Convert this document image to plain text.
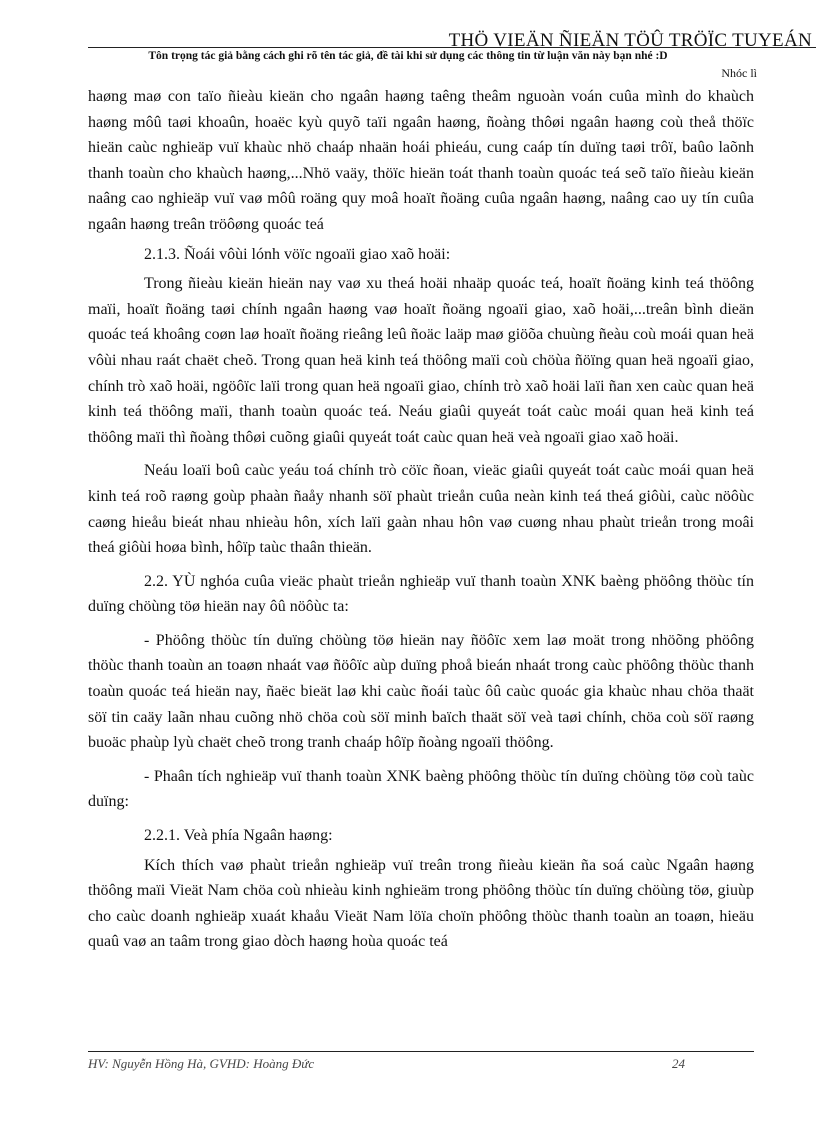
THÖ VIEÄN ÑIEÄN TÖÛ TRÖÏC TUYEÁN
Tôn trọng tác giả bằng cách ghi rõ tên tác giả, đề tài khi sử dụng các thông tin từ luận văn này bạn nhé :D
Nhóc lì

haøng maø con taïo ñieàu kieän cho ngaân haøng taêng theâm nguoàn voán cuûa mình do khaùch haøng môû taøi khoaûn, hoaëc kyù quyõ taïi ngaân haøng, ñoàng thôøi ngaân haøng coù theå thöïc hieän caùc nghieäp vuï khaùc nhö chaáp nhaän hoái phieáu, cung caáp tín duïng taøi trôï, baûo laõnh thanh toaùn cho khaùch haøng,...Nhö vaäy, thöïc hieän toát thanh toaùn quoác teá seõ taïo ñieàu kieän naâng cao nghieäp vuï vaø môû roäng quy moâ hoaït ñoäng cuûa ngaân haøng, naâng cao uy tín cuûa ngaân haøng treân tröôøng quoác teá

2.1.3. Ñoái vôùi lónh vöïc ngoaïi giao xaõ hoäi:

Trong ñieàu kieän hieän nay vaø xu theá hoäi nhaäp quoác teá, hoaït ñoäng kinh teá thöông maïi, hoaït ñoäng taøi chính ngaân haøng vaø hoaït ñoäng ngoaïi giao, xaõ hoäi,...treân bình dieän quoác teá khoâng coøn laø hoaït ñoäng rieâng leû ñoäc laäp maø giöõa chuùng ñeàu coù moái quan heä vôùi nhau raát chaët cheõ. Trong quan heä kinh teá thöông maïi coù chöùa ñöïng quan heä ngoaïi giao, chính trò xaõ hoäi, ngöôïc laïi trong quan heä ngoaïi giao, chính trò xaõ hoäi laïi ñan xen caùc quan heä kinh teá thöông maïi, thanh toaùn quoác teá. Neáu giaûi quyeát toát caùc moái quan heä kinh teá thöông maïi thì ñoàng thôøi cuõng giaûi quyeát toát caùc quan heä veà ngoaïi giao xaõ hoäi.

Neáu loaïi boû caùc yeáu toá chính trò cöïc ñoan, vieäc giaûi quyeát toát caùc moái quan heä kinh teá roõ raøng goùp phaàn ñaåy nhanh söï phaùt trieån cuûa neàn kinh teá theá giôùi, caùc nöôùc caøng hieåu bieát nhau nhieàu hôn, xích laïi gaàn nhau hôn vaø cuøng nhau phaùt trieån trong moâi theá giôùi hoøa bình, hôïp taùc thaân thieän.

2.2. YÙ nghóa cuûa vieäc phaùt trieån nghieäp vuï thanh toaùn XNK baèng phöông thöùc tín duïng chöùng töø hieän nay ôû nöôùc ta:

- Phöông thöùc tín duïng chöùng töø hieän nay ñöôïc xem laø moät trong nhöõng phöông thöùc thanh toaùn an toaøn nhaát vaø ñöôïc aùp duïng phoå bieán nhaát trong caùc phöông thöùc thanh toaùn quoác teá hieän nay, ñaëc bieät laø khi caùc ñoái taùc ôû caùc quoác gia khaùc nhau chöa thaät söï tin caäy laãn nhau cuõng nhö chöa coù söï minh baïch thaät söï veà taøi chính, chöa coù söï raøng buoäc phaùp lyù chaët cheõ trong tranh chaáp hôïp ñoàng ngoaïi thöông.

- Phaân tích nghieäp vuï thanh toaùn XNK baèng phöông thöùc tín duïng chöùng töø coù taùc duïng:

2.2.1. Veà phía Ngaân haøng:

Kích thích vaø phaùt trieån nghieäp vuï treân trong ñieàu kieän ña soá caùc Ngaân haøng thöông maïi Vieät Nam chöa coù nhieàu kinh nghieäm trong phöông thöùc tín duïng chöùng töø, giuùp cho caùc doanh nghieäp xuaát khaåu Vieät Nam löïa choïn phöông thöùc thanh toaùn an toaøn, hieäu quaû vaø an taâm trong giao dòch haøng hoùa quoác teá

HV: Nguyễn Hồng Hà, GVHD: Hoàng Đức	24
